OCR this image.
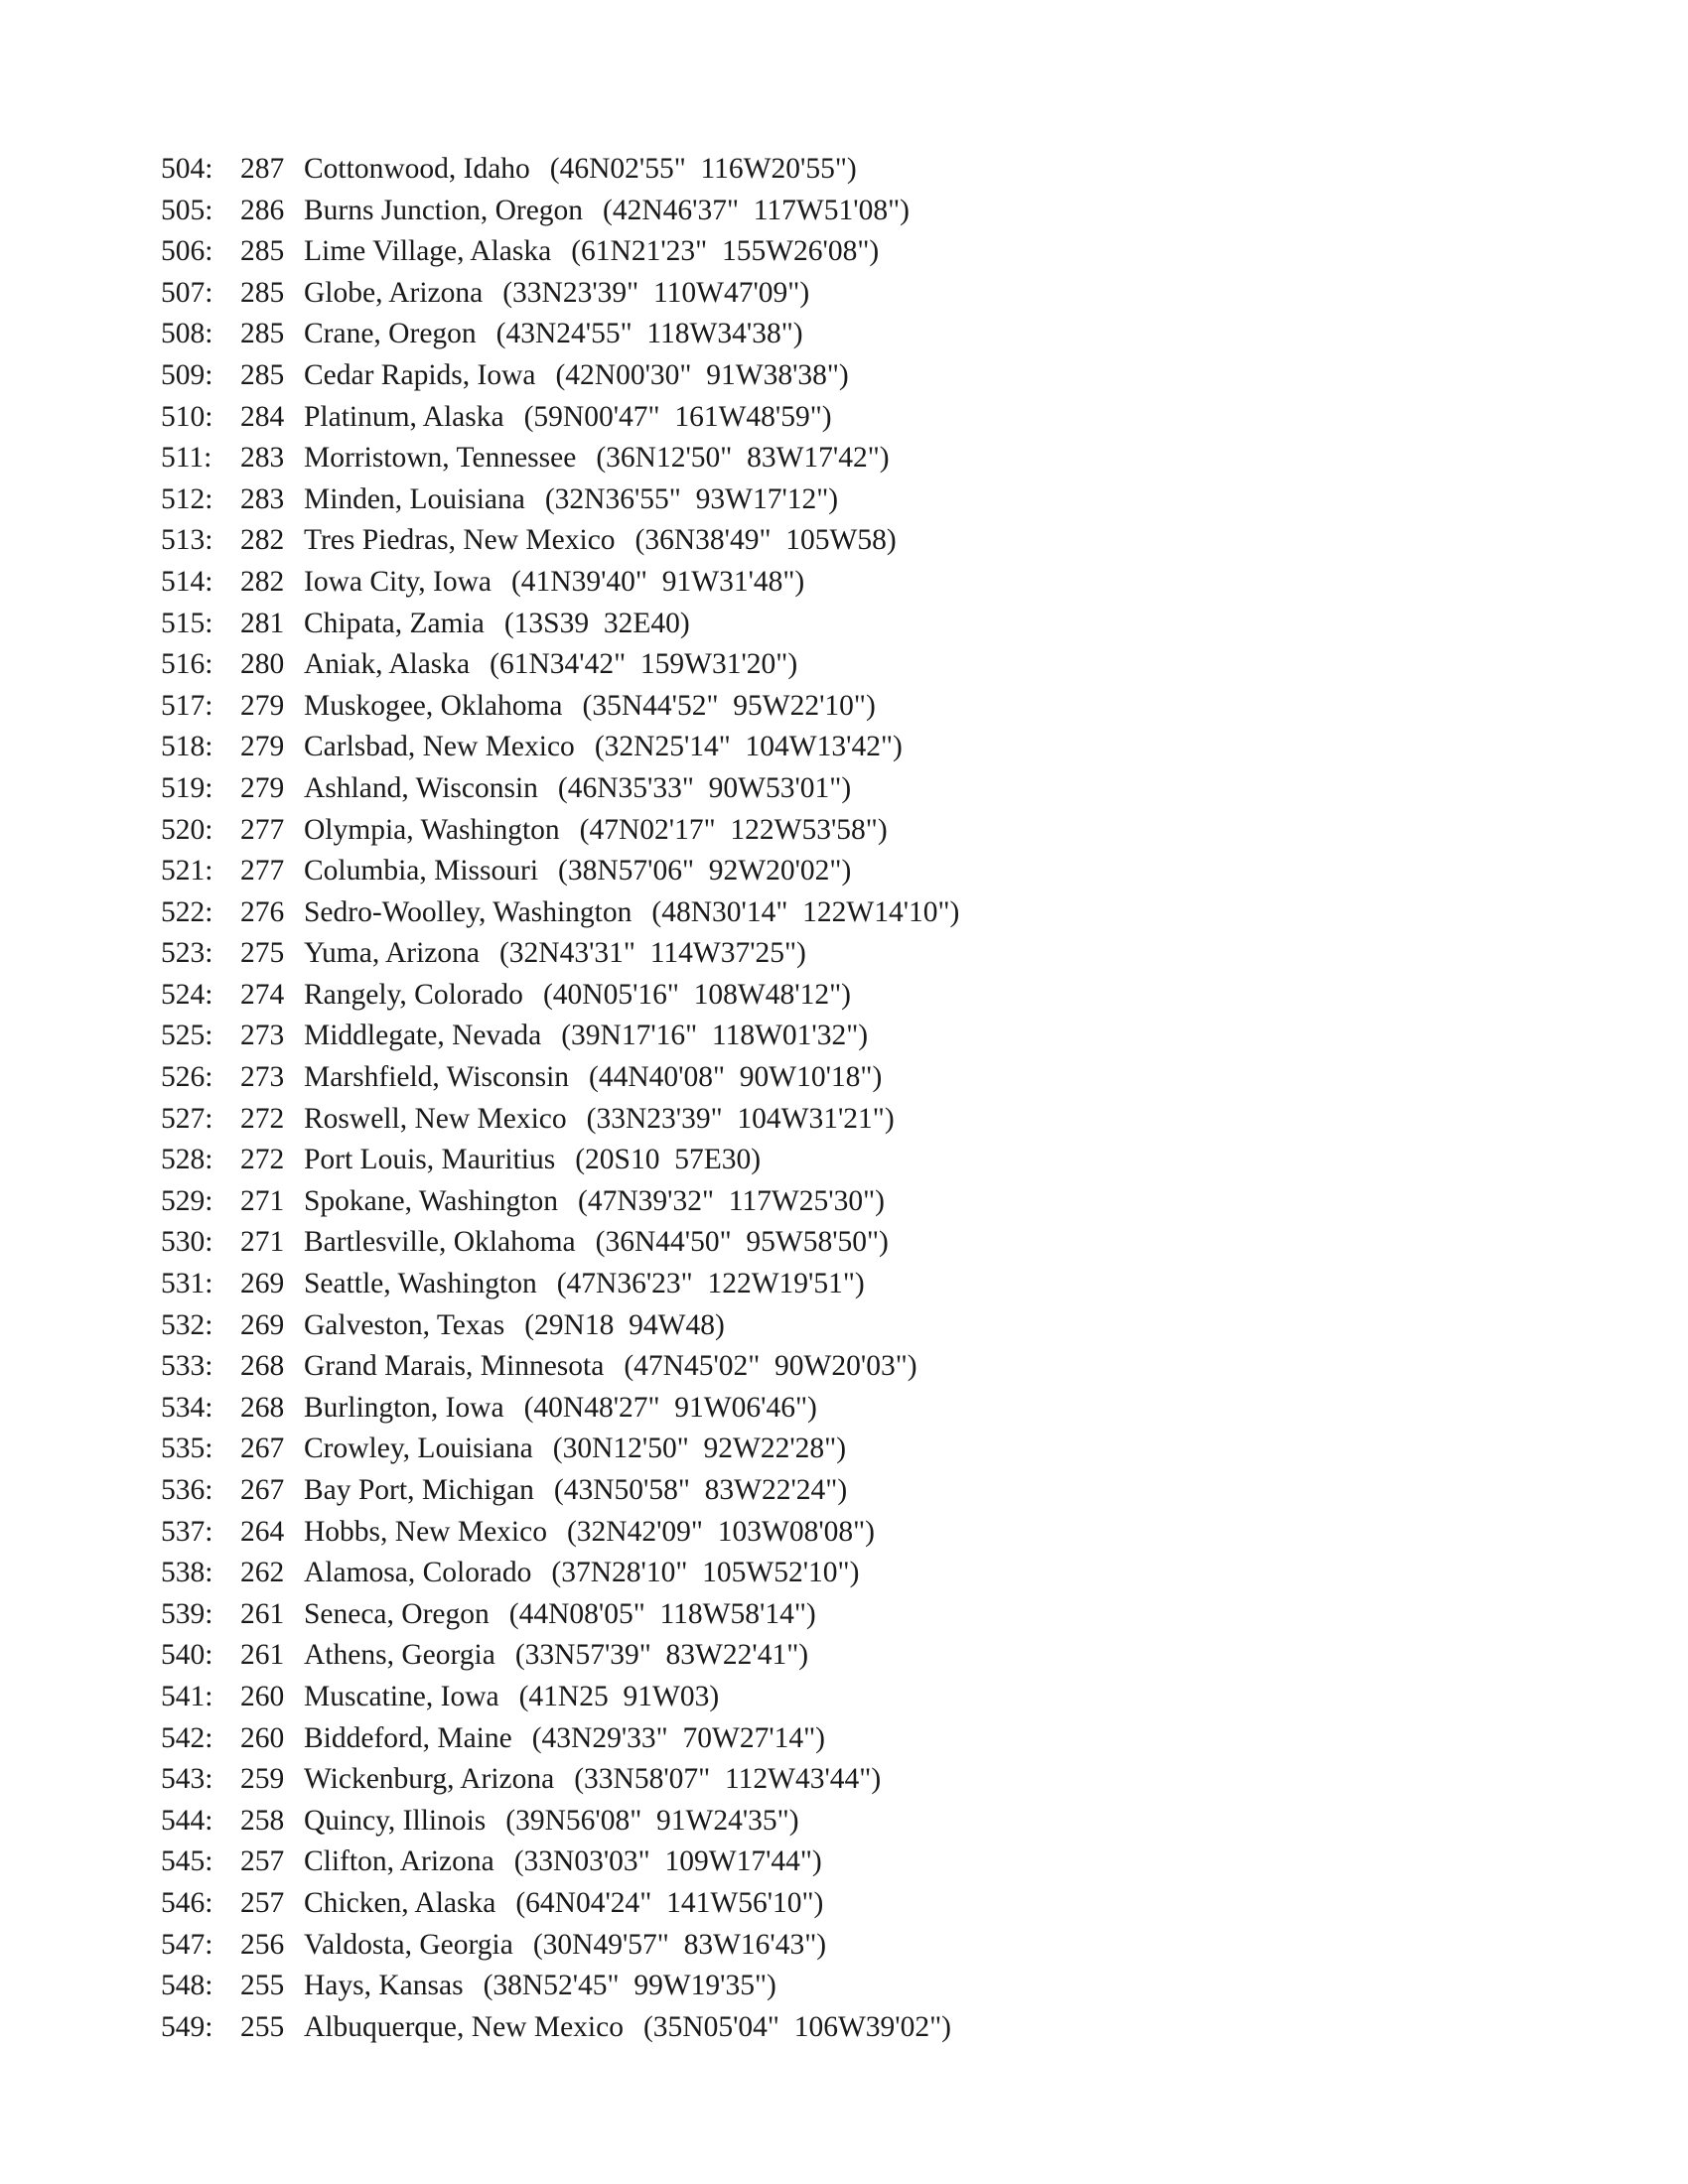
504: 287 Cottonwood, Idaho (46N02'55"  116W20'55")
505: 286 Burns Junction, Oregon (42N46'37"  117W51'08")
506: 285 Lime Village, Alaska (61N21'23"  155W26'08")
507: 285 Globe, Arizona (33N23'39"  110W47'09")
508: 285 Crane, Oregon (43N24'55"  118W34'38")
509: 285 Cedar Rapids, Iowa (42N00'30"  91W38'38")
510: 284 Platinum, Alaska (59N00'47"  161W48'59")
511: 283 Morristown, Tennessee (36N12'50"  83W17'42")
512: 283 Minden, Louisiana (32N36'55"  93W17'12")
513: 282 Tres Piedras, New Mexico (36N38'49"  105W58)
514: 282 Iowa City, Iowa (41N39'40"  91W31'48")
515: 281 Chipata, Zamia (13S39  32E40)
516: 280 Aniak, Alaska (61N34'42"  159W31'20")
517: 279 Muskogee, Oklahoma (35N44'52"  95W22'10")
518: 279 Carlsbad, New Mexico (32N25'14"  104W13'42")
519: 279 Ashland, Wisconsin (46N35'33"  90W53'01")
520: 277 Olympia, Washington (47N02'17"  122W53'58")
521: 277 Columbia, Missouri (38N57'06"  92W20'02")
522: 276 Sedro-Woolley, Washington (48N30'14"  122W14'10")
523: 275 Yuma, Arizona (32N43'31"  114W37'25")
524: 274 Rangely, Colorado (40N05'16"  108W48'12")
525: 273 Middlegate, Nevada (39N17'16"  118W01'32")
526: 273 Marshfield, Wisconsin (44N40'08"  90W10'18")
527: 272 Roswell, New Mexico (33N23'39"  104W31'21")
528: 272 Port Louis, Mauritius (20S10  57E30)
529: 271 Spokane, Washington (47N39'32"  117W25'30")
530: 271 Bartlesville, Oklahoma (36N44'50"  95W58'50")
531: 269 Seattle, Washington (47N36'23"  122W19'51")
532: 269 Galveston, Texas (29N18  94W48)
533: 268 Grand Marais, Minnesota (47N45'02"  90W20'03")
534: 268 Burlington, Iowa (40N48'27"  91W06'46")
535: 267 Crowley, Louisiana (30N12'50"  92W22'28")
536: 267 Bay Port, Michigan (43N50'58"  83W22'24")
537: 264 Hobbs, New Mexico (32N42'09"  103W08'08")
538: 262 Alamosa, Colorado (37N28'10"  105W52'10")
539: 261 Seneca, Oregon (44N08'05"  118W58'14")
540: 261 Athens, Georgia (33N57'39"  83W22'41")
541: 260 Muscatine, Iowa (41N25  91W03)
542: 260 Biddeford, Maine (43N29'33"  70W27'14")
543: 259 Wickenburg, Arizona (33N58'07"  112W43'44")
544: 258 Quincy, Illinois (39N56'08"  91W24'35")
545: 257 Clifton, Arizona (33N03'03"  109W17'44")
546: 257 Chicken, Alaska (64N04'24"  141W56'10")
547: 256 Valdosta, Georgia (30N49'57"  83W16'43")
548: 255 Hays, Kansas (38N52'45"  99W19'35")
549: 255 Albuquerque, New Mexico (35N05'04"  106W39'02")
